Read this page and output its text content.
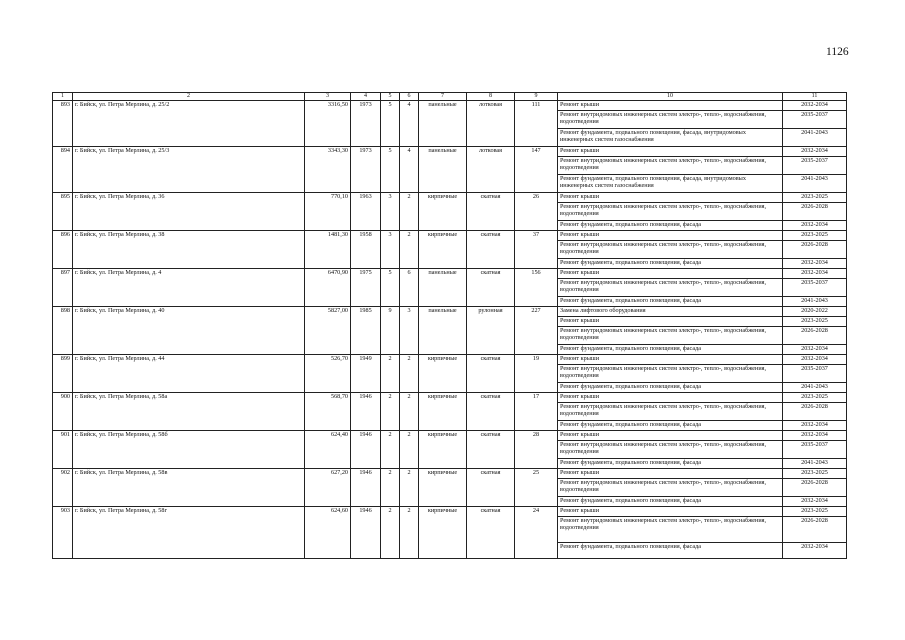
1126
1	2	3	4	5	6	7	8	9	10	11
893	г. Бийск, ул. Петра Мерлина, д. 25/2	3316,50	1973	5	4	панельные	лотковая	111	Ремонт крыши	2032-2034
									Ремонт внутридомовых инженерных систем электро-, тепло-, водоснабжения, водоотведения	2035-2037
									Ремонт фундамента, подвального помещения, фасада, внутридомовых инженерных систем газоснабжения	2041-2043
894	г. Бийск, ул. Петра Мерлина, д. 25/3	3343,30	1973	5	4	панельные	лотковая	147	Ремонт крыши	2032-2034
									Ремонт внутридомовых инженерных систем электро-, тепло-, водоснабжения, водоотведения	2035-2037
									Ремонт фундамента, подвального помещения, фасада, внутридомовых инженерных систем газоснабжения	2041-2043
895	г. Бийск, ул. Петра Мерлина, д. 36	770,10	1963	3	2	кирпичные	скатная	26	Ремонт крыши	2023-2025
									Ремонт внутридомовых инженерных систем электро-, тепло-, водоснабжения, водоотведения	2026-2028
									Ремонт фундамента, подвального помещения, фасада	2032-2034
896	г. Бийск, ул. Петра Мерлина, д. 38	1481,30	1958	3	2	кирпичные	скатная	37	Ремонт крыши	2023-2025
									Ремонт внутридомовых инженерных систем электро-, тепло-, водоснабжения, водоотведения	2026-2028
									Ремонт фундамента, подвального помещения, фасада	2032-2034
897	г. Бийск, ул. Петра Мерлина, д. 4	6470,90	1975	5	6	панельные	скатная	156	Ремонт крыши	2032-2034
									Ремонт внутридомовых инженерных систем электро-, тепло-, водоснабжения, водоотведения	2035-2037
									Ремонт фундамента, подвального помещения, фасада	2041-2043
898	г. Бийск, ул. Петра Мерлина, д. 40	5827,00	1985	9	3	панельные	рулонная	227	Замена лифтового оборудования	2020-2022
									Ремонт крыши	2023-2025
									Ремонт внутридомовых инженерных систем электро-, тепло-, водоснабжения, водоотведения	2026-2028
									Ремонт фундамента, подвального помещения, фасада	2032-2034
899	г. Бийск, ул. Петра Мерлина, д. 44	526,70	1949	2	2	кирпичные	скатная	19	Ремонт крыши	2032-2034
									Ремонт внутридомовых инженерных систем электро-, тепло-, водоснабжения, водоотведения	2035-2037
									Ремонт фундамента, подвального помещения, фасада	2041-2043
900	г. Бийск, ул. Петра Мерлина, д. 58а	568,70	1946	2	2	кирпичные	скатная	17	Ремонт крыши	2023-2025
									Ремонт внутридомовых инженерных систем электро-, тепло-, водоснабжения, водоотведения	2026-2028
									Ремонт фундамента, подвального помещения, фасада	2032-2034
901	г. Бийск, ул. Петра Мерлина, д. 58б	624,40	1946	2	2	кирпичные	скатная	28	Ремонт крыши	2032-2034
									Ремонт внутридомовых инженерных систем электро-, тепло-, водоснабжения, водоотведения	2035-2037
									Ремонт фундамента, подвального помещения, фасада	2041-2043
902	г. Бийск, ул. Петра Мерлина, д. 58в	627,20	1946	2	2	кирпичные	скатная	25	Ремонт крыши	2023-2025
									Ремонт внутридомовых инженерных систем электро-, тепло-, водоснабжения, водоотведения	2026-2028
									Ремонт фундамента, подвального помещения, фасада	2032-2034
903	г. Бийск, ул. Петра Мерлина, д. 58г	624,60	1946	2	2	кирпичные	скатная	24	Ремонт крыши	2023-2025
									Ремонт внутридомовых инженерных систем электро-, тепло-, водоснабжения, водоотведения	2026-2028
									Ремонт фундамента, подвального помещения, фасада	2032-2034
